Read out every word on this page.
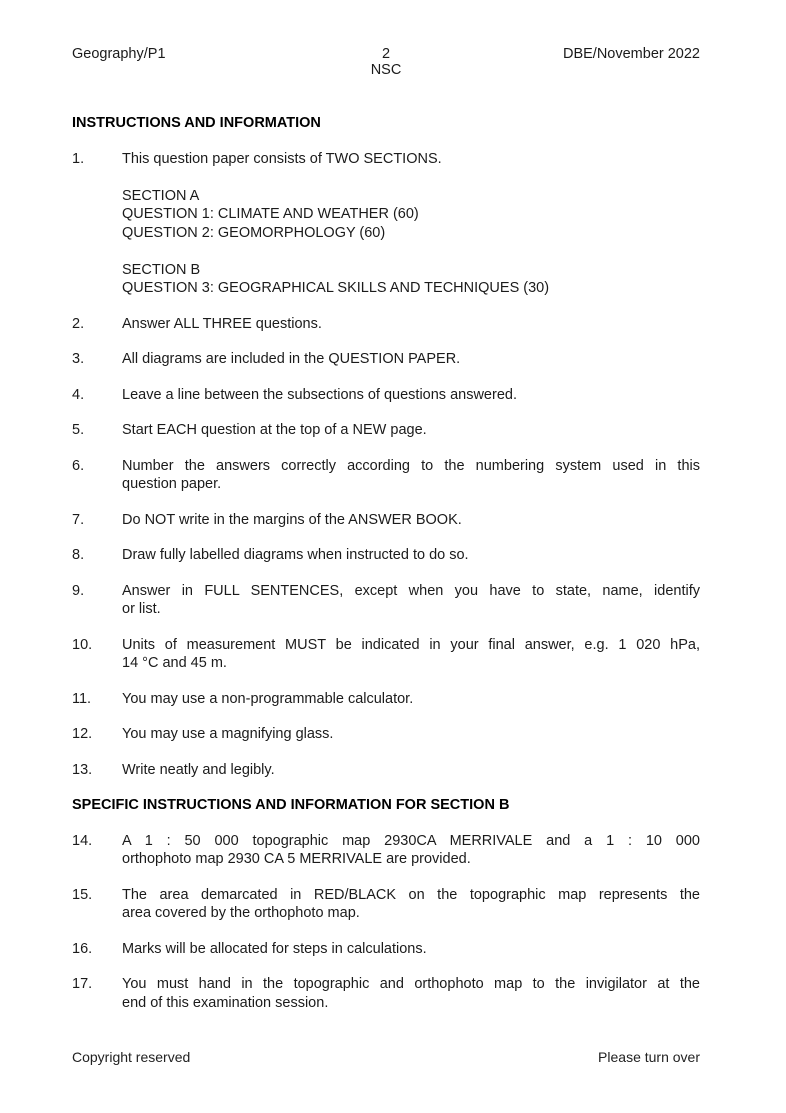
Geography/P1	2
NSC
DBE/November 2022
INSTRUCTIONS AND INFORMATION
1.	This question paper consists of TWO SECTIONS.
SECTION A
QUESTION 1: CLIMATE AND WEATHER (60)
QUESTION 2: GEOMORPHOLOGY (60)
SECTION B
QUESTION 3: GEOGRAPHICAL SKILLS AND TECHNIQUES (30)
2.	Answer ALL THREE questions.
3.	All diagrams are included in the QUESTION PAPER.
4.	Leave a line between the subsections of questions answered.
5.	Start EACH question at the top of a NEW page.
6.	Number the answers correctly according to the numbering system used in this
question paper.
7.	Do NOT write in the margins of the ANSWER BOOK.
8.	Draw fully labelled diagrams when instructed to do so.
9.	Answer in FULL SENTENCES, except when you have to state, name, identify
or list.
10.	Units of measurement MUST be indicated in your final answer, e.g. 1 020 hPa,
14 °C and 45 m.
11.	You may use a non-programmable calculator.
12.	You may use a magnifying glass.
13.	Write neatly and legibly.
SPECIFIC INSTRUCTIONS AND INFORMATION FOR SECTION B
14.	A 1 : 50 000 topographic map 2930CA MERRIVALE and a 1 : 10 000
orthophoto map 2930 CA 5 MERRIVALE are provided.
15.	The area demarcated in RED/BLACK on the topographic map represents the
area covered by the orthophoto map.
16.	Marks will be allocated for steps in calculations.
17.	You must hand in the topographic and orthophoto map to the invigilator at the
end of this examination session.
Copyright reserved	Please turn over
